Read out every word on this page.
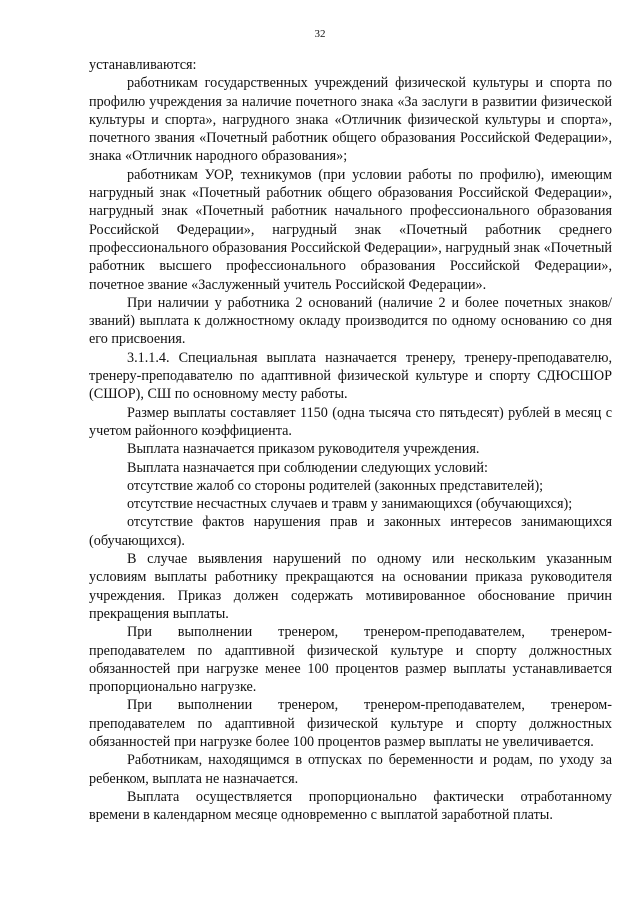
32

устанавливаются:

работникам государственных учреждений физической культуры и спорта по профилю учреждения за наличие почетного знака «За заслуги в развитии физической культуры и спорта», нагрудного знака «Отличник физической культуры и спорта», почетного звания «Почетный работник общего образования Российской Федерации», знака «Отличник народного образования»;

работникам УОР, техникумов (при условии работы по профилю), имеющим нагрудный знак «Почетный работник общего образования Российской Федерации», нагрудный знак «Почетный работник начального профессионального образования Российской Федерации», нагрудный знак «Почетный работник среднего профессионального образования Российской Федерации», нагрудный знак «Почетный работник высшего профессионального образования Российской Федерации», почетное звание «Заслуженный учитель Российской Федерации».

При наличии у работника 2 оснований (наличие 2 и более почетных знаков/званий) выплата к должностному окладу производится по одному основанию со дня его присвоения.

3.1.1.4. Специальная выплата назначается тренеру, тренеру-преподавателю, тренеру-преподавателю по адаптивной физической культуре и спорту СДЮСШОР (СШОР), СШ по основному месту работы.

Размер выплаты составляет 1150 (одна тысяча сто пятьдесят) рублей в месяц с учетом районного коэффициента.

Выплата назначается приказом руководителя учреждения.

Выплата назначается при соблюдении следующих условий:

отсутствие жалоб со стороны родителей (законных представителей);

отсутствие несчастных случаев и травм у занимающихся (обучающихся);

отсутствие фактов нарушения прав и законных интересов занимающихся (обучающихся).

В случае выявления нарушений по одному или нескольким указанным условиям выплаты работнику прекращаются на основании приказа руководителя учреждения. Приказ должен содержать мотивированное обоснование причин прекращения выплаты.

При выполнении тренером, тренером-преподавателем, тренером-преподавателем по адаптивной физической культуре и спорту должностных обязанностей при нагрузке менее 100 процентов размер выплаты устанавливается пропорционально нагрузке.

При выполнении тренером, тренером-преподавателем, тренером-преподавателем по адаптивной физической культуре и спорту должностных обязанностей при нагрузке более 100 процентов размер выплаты не увеличивается.

Работникам, находящимся в отпусках по беременности и родам, по уходу за ребенком, выплата не назначается.

Выплата осуществляется пропорционально фактически отработанному времени в календарном месяце одновременно с выплатой заработной платы.
